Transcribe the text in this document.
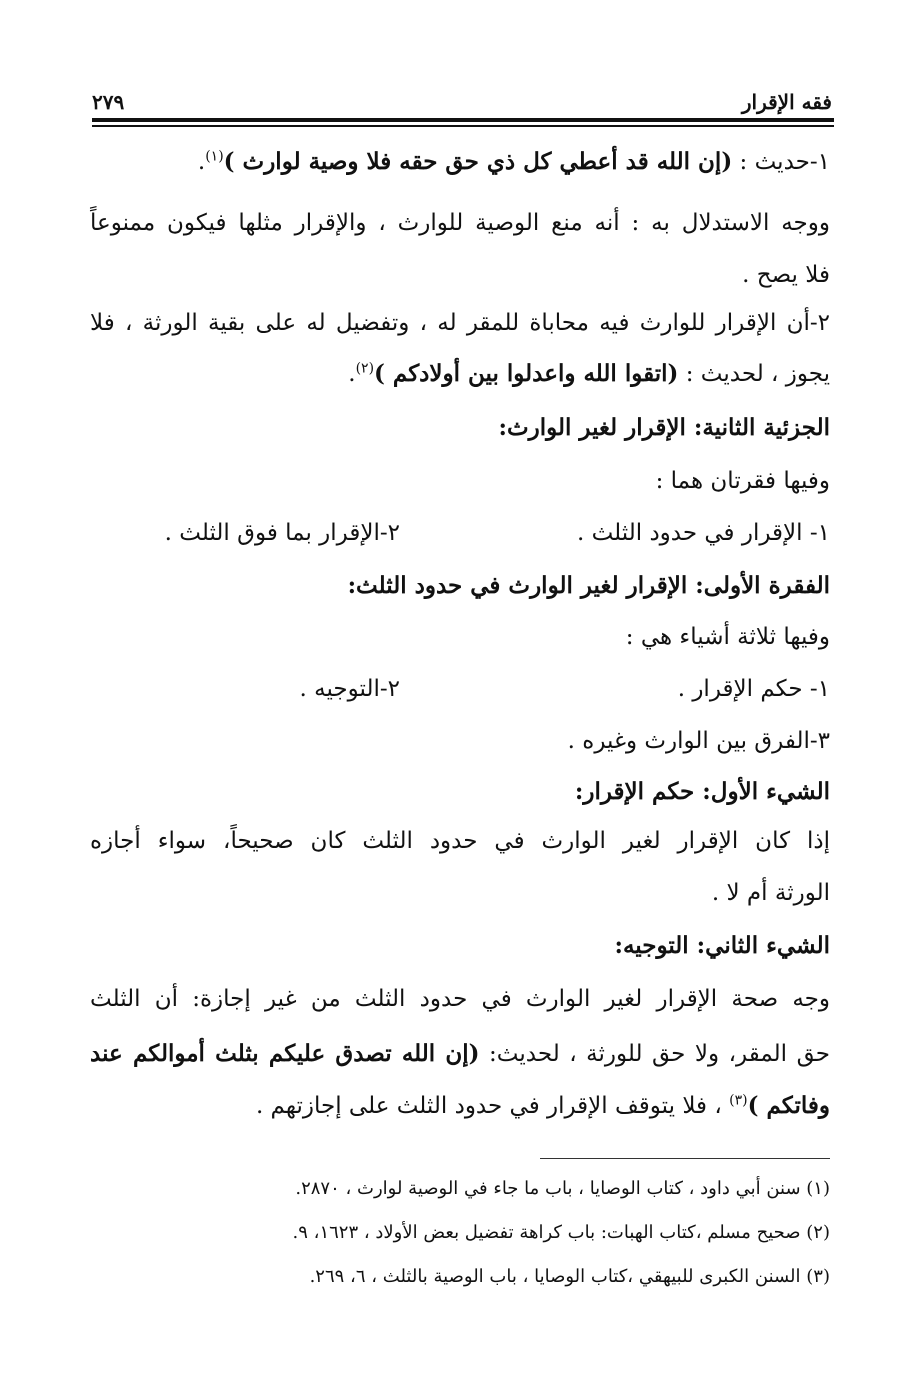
فقه الإقرار
٢٧٩
١-حديث : (إن الله قد أعطي كل ذي حق حقه فلا وصية لوارث )$^{(١)}$.
ووجه الاستدلال به : أنه منع الوصية للوارث ، والإقرار مثلها فيكون ممنوعاً
فلا يصح .
٢-أن الإقرار للوارث فيه محاباة للمقر له ، وتفضيل له على بقية الورثة ، فلا
يجوز ، لحديث : (اتقوا الله واعدلوا بين أولادكم )$^{(٢)}$.
الجزئية الثانية: الإقرار لغير الوارث:
وفيها فقرتان هما :
١- الإقرار في حدود الثلث .
٢-الإقرار بما فوق الثلث .
الفقرة الأولى: الإقرار لغير الوارث في حدود الثلث:
وفيها ثلاثة أشياء هي :
١- حكم الإقرار .
٢-التوجيه .
٣-الفرق بين الوارث وغيره .
الشيء الأول: حكم الإقرار:
إذا كان الإقرار لغير الوارث في حدود الثلث كان صحيحاً، سواء أجازه
الورثة أم لا .
الشيء الثاني: التوجيه:
وجه صحة الإقرار لغير الوارث في حدود الثلث من غير إجازة: أن الثلث
حق المقر، ولا حق للورثة ، لحديث: (إن الله تصدق عليكم بثلث أموالكم عند
وفاتكم )$^{(٣)}$ ، فلا يتوقف الإقرار في حدود الثلث على إجازتهم .
(١) سنن أبي داود ، كتاب الوصايا ، باب ما جاء في الوصية لوارث ، ٢٨٧٠.
(٢) صحيح مسلم ،كتاب الهبات: باب كراهة تفضيل بعض الأولاد ، ١٦٢٣، ٩.
(٣) السنن الكبرى للبيهقي ،كتاب الوصايا ، باب الوصية بالثلث ، ٦، ٢٦٩.
